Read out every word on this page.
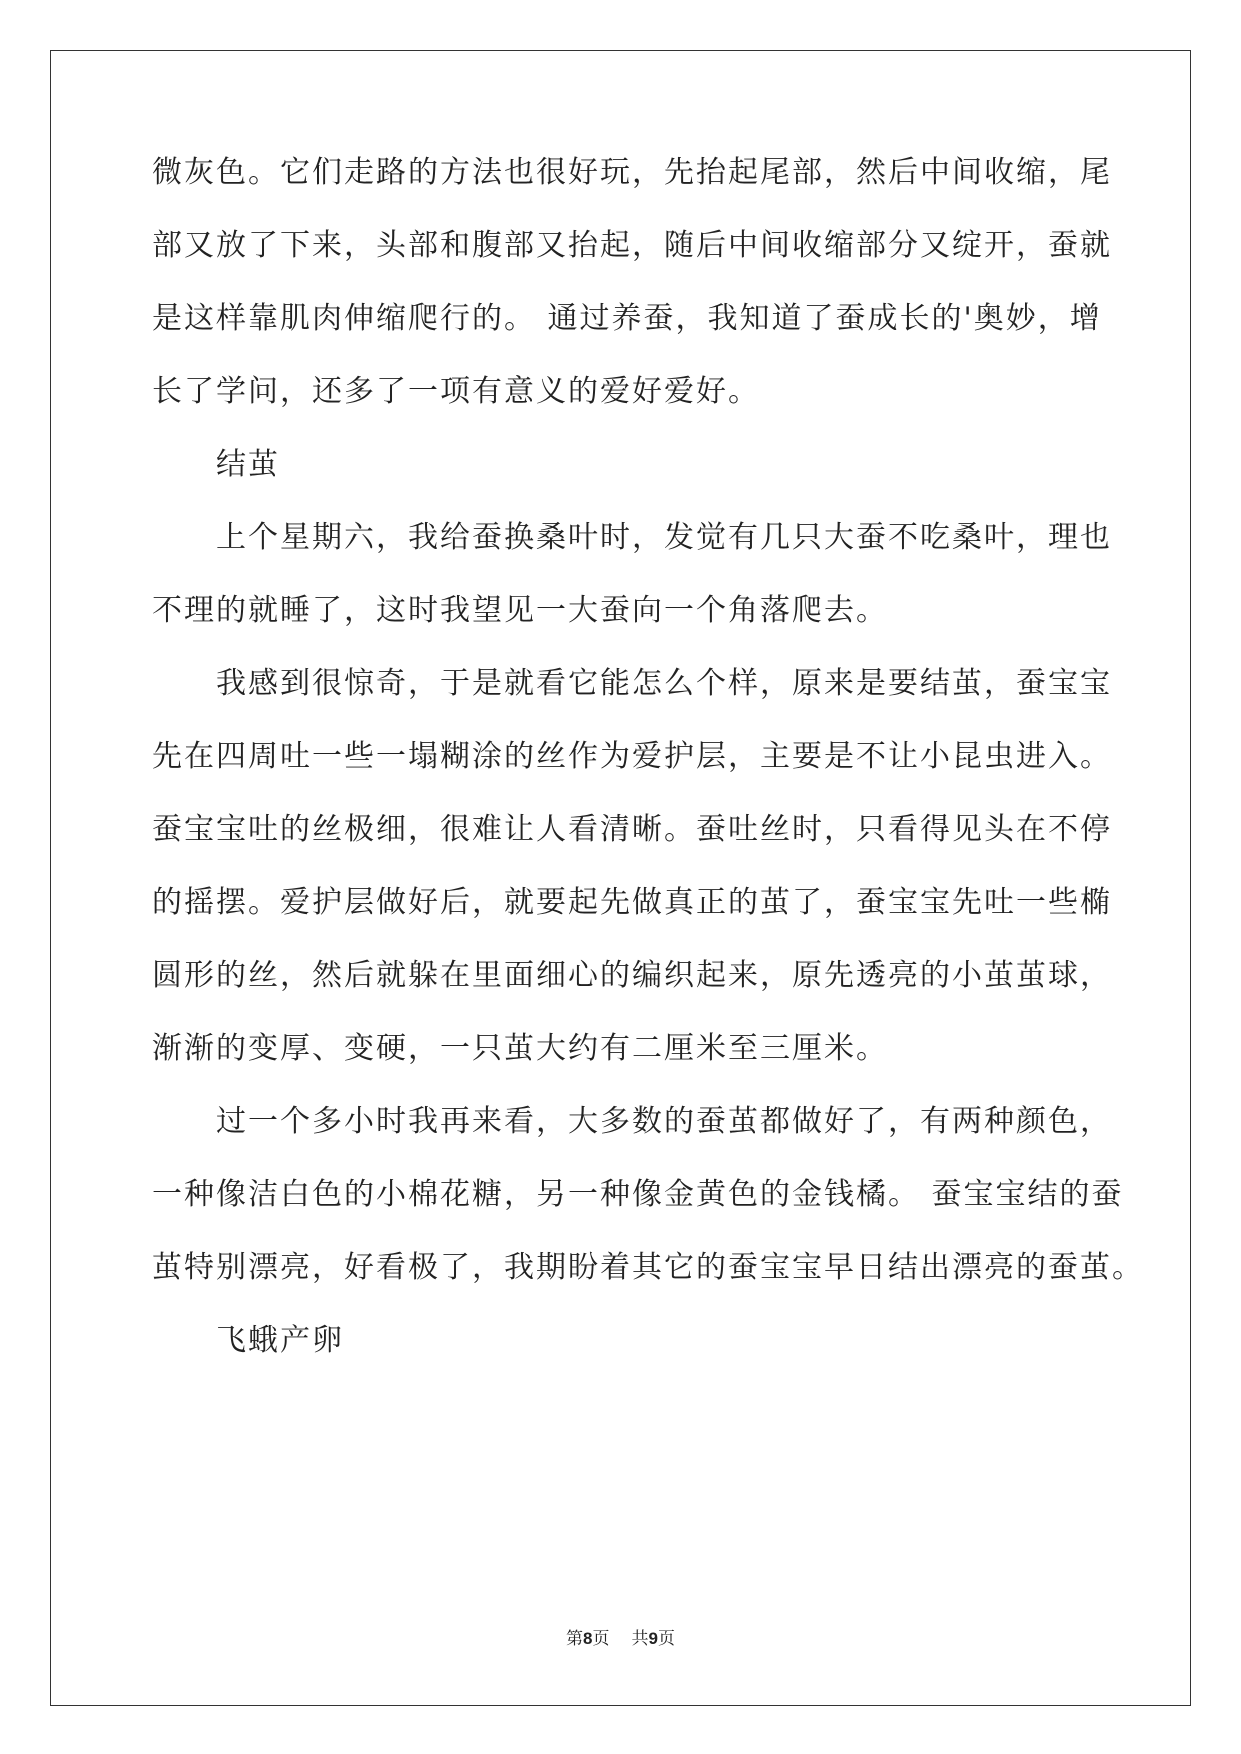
微灰色。它们走路的方法也很好玩，先抬起尾部，然后中间收缩，尾
部又放了下来，头部和腹部又抬起，随后中间收缩部分又绽开，蚕就
是这样靠肌肉伸缩爬行的。 通过养蚕，我知道了蚕成长的'奥妙，增
长了学问，还多了一项有意义的爱好爱好。
结茧
上个星期六，我给蚕换桑叶时，发觉有几只大蚕不吃桑叶，理也
不理的就睡了，这时我望见一大蚕向一个角落爬去。
我感到很惊奇，于是就看它能怎么个样，原来是要结茧，蚕宝宝
先在四周吐一些一塌糊涂的丝作为爱护层，主要是不让小昆虫进入。
蚕宝宝吐的丝极细，很难让人看清晰。蚕吐丝时，只看得见头在不停
的摇摆。爱护层做好后，就要起先做真正的茧了，蚕宝宝先吐一些椭
圆形的丝，然后就躲在里面细心的编织起来，原先透亮的小茧茧球，
渐渐的变厚、变硬，一只茧大约有二厘米至三厘米。
过一个多小时我再来看，大多数的蚕茧都做好了，有两种颜色，
一种像洁白色的小棉花糖，另一种像金黄色的金钱橘。 蚕宝宝结的蚕
茧特别漂亮，好看极了，我期盼着其它的蚕宝宝早日结出漂亮的蚕茧。
飞蛾产卵
第8页 共9页
